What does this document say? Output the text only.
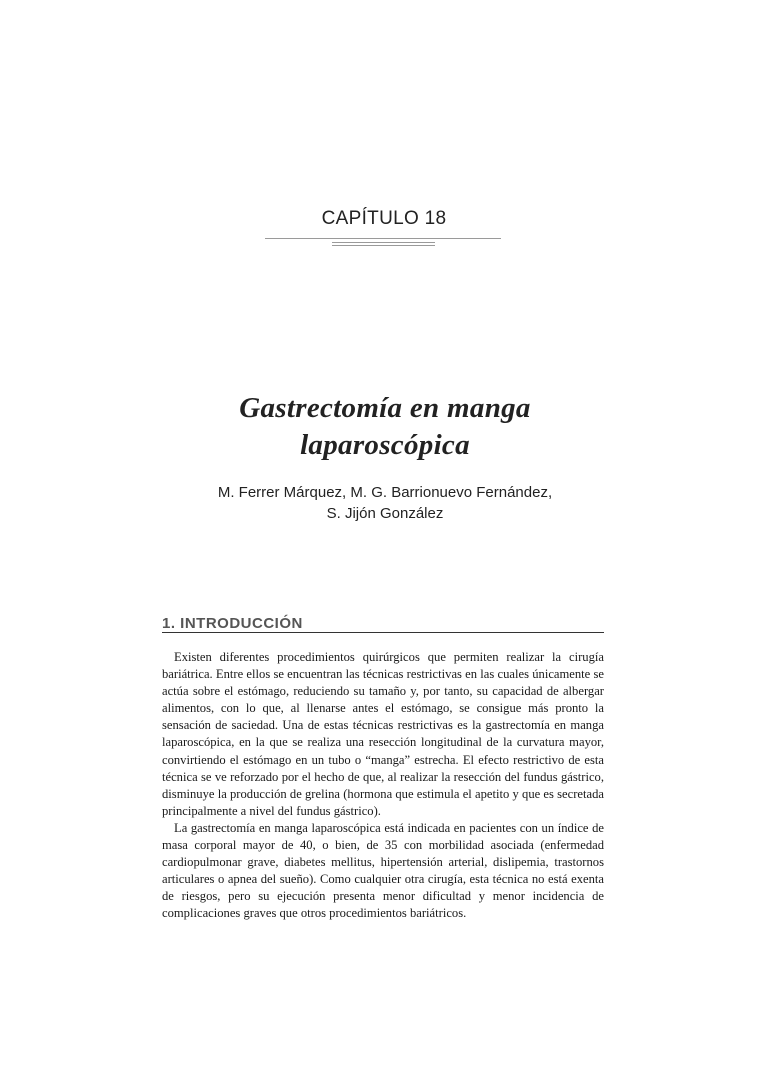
CAPÍTULO 18
Gastrectomía en manga
laparoscópica
M. Ferrer Márquez, M. G. Barrionuevo Fernández,
S. Jijón González
1. INTRODUCCIÓN

Existen diferentes procedimientos quirúrgicos que permiten realizar la cirugía bariátrica. Entre ellos se encuentran las técnicas restrictivas en las cuales únicamente se actúa sobre el estómago, reduciendo su tamaño y, por tanto, su capacidad de albergar alimentos, con lo que, al llenarse antes el estómago, se consigue más pronto la sensación de saciedad. Una de estas técnicas restrictivas es la gastrectomía en manga laparoscópica, en la que se realiza una resección longitudinal de la curvatura mayor, convirtiendo el estómago en un tubo o “manga” estrecha. El efecto restrictivo de esta técnica se ve reforzado por el hecho de que, al realizar la resección del fundus gástrico, disminuye la producción de grelina (hormona que estimula el apetito y que es secretada principalmente a nivel del fundus gástrico).

La gastrectomía en manga laparoscópica está indicada en pacientes con un índice de masa corporal mayor de 40, o bien, de 35 con morbilidad asociada (enfermedad cardiopulmonar grave, diabetes mellitus, hipertensión arterial, dislipemia, trastornos articulares o apnea del sueño). Como cualquier otra cirugía, esta técnica no está exenta de riesgos, pero su ejecución presenta menor dificultad y menor incidencia de complicaciones graves que otros procedimientos bariátricos.
